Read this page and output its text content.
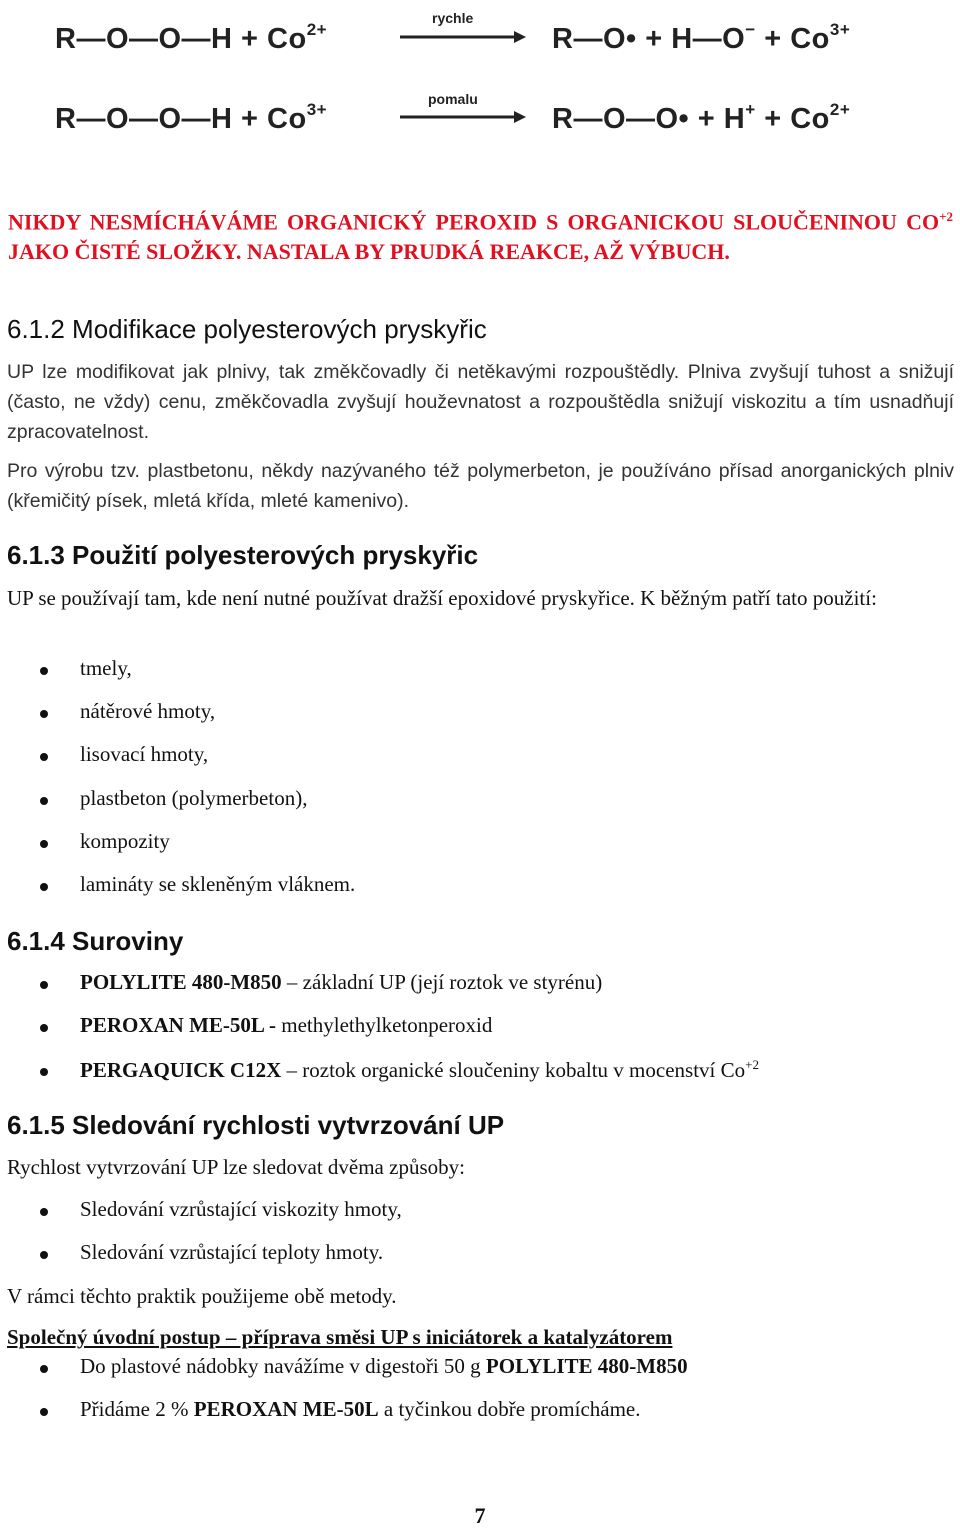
R—O—O—H + $Co^{2+}$
rychle
R—O• + H—O− + $Co^{3+}$
R—O—O—H + $Co^{3+}$
pomalu
R—O—O• + $H^+ + Co^{2+}$
NIKDY NESMÍCHÁVÁME ORGANICKÝ PEROXID S ORGANICKOU SLOUČENINOU $CO^{+2}$ JAKO ČISTÉ SLOŽKY. NASTALA BY PRUDKÁ REAKCE, AŽ VÝBUCH.
6.1.2 Modifikace polyesterových pryskyřic
UP lze modifikovat jak plnivy, tak změkčovadly či netěkavými rozpouštědly. Plniva zvyšují tuhost a snižují (často, ne vždy) cenu, změkčovadla zvyšují houževnatost a rozpouštědla snižují viskozitu a tím usnadňují zpracovatelnost.
Pro výrobu tzv. plastbetonu, někdy nazývaného též polymerbeton, je používáno přísad anorganických plniv (křemičitý písek, mletá křída, mleté kamenivo).
6.1.3 Použití polyesterových pryskyřic
UP se používají tam, kde není nutné používat dražší epoxidové pryskyřice. K běžným patří tato použití:
tmely,
nátěrové hmoty,
lisovací hmoty,
plastbeton (polymerbeton),
kompozity
lamináty se skleněným vláknem.
6.1.4 Suroviny
POLYLITE 480-M850 – základní UP (její roztok ve styrénu)
PEROXAN ME-50L - methylethylketonperoxid
PERGAQUICK C12X – roztok organické sloučeniny kobaltu v mocenství $Co^{+2}$
6.1.5 Sledování rychlosti vytvrzování UP
Rychlost vytvrzování UP lze sledovat dvěma způsoby:
Sledování vzrůstající viskozity hmoty,
Sledování vzrůstající teploty hmoty.
V rámci těchto praktik použijeme obě metody.
Společný úvodní postup – příprava směsi UP s iniciátorek a katalyzátorem
Do plastové nádobky navážíme v digestoři 50 g POLYLITE 480-M850
Přidáme 2 % PEROXAN ME-50L a tyčinkou dobře promícháme.
7
